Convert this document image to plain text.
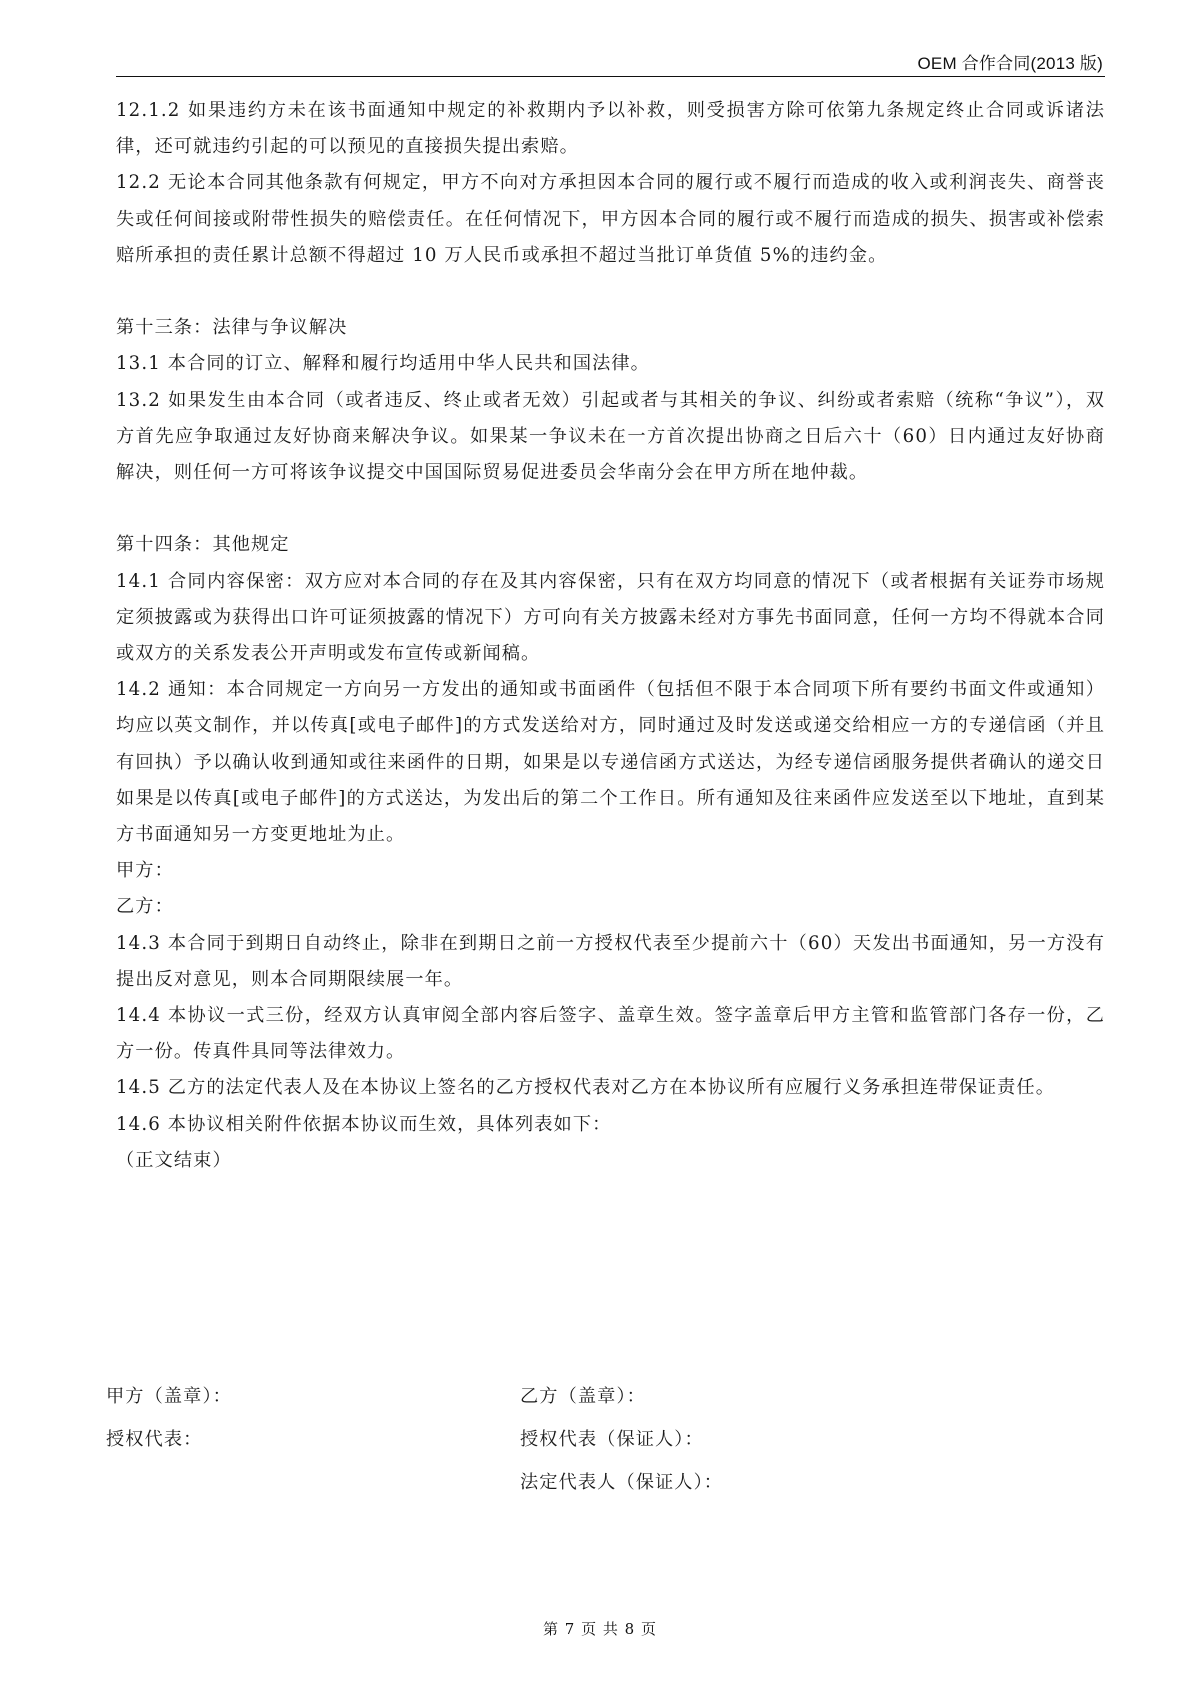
OEM 合作合同(2013 版)

12.1.2 如果违约方未在该书面通知中规定的补救期内予以补救，则受损害方除可依第九条规定终止合同或诉诸法律，还可就违约引起的可以预见的直接损失提出索赔。

12.2 无论本合同其他条款有何规定，甲方不向对方承担因本合同的履行或不履行而造成的收入或利润丧失、商誉丧失或任何间接或附带性损失的赔偿责任。在任何情况下，甲方因本合同的履行或不履行而造成的损失、损害或补偿索赔所承担的责任累计总额不得超过 10 万人民币或承担不超过当批订单货值 5%的违约金。

第十三条：法律与争议解决

13.1 本合同的订立、解释和履行均适用中华人民共和国法律。

13.2 如果发生由本合同（或者违反、终止或者无效）引起或者与其相关的争议、纠纷或者索赔（统称“争议”），双方首先应争取通过友好协商来解决争议。如果某一争议未在一方首次提出协商之日后六十（60）日内通过友好协商解决，则任何一方可将该争议提交中国国际贸易促进委员会华南分会在甲方所在地仲裁。

第十四条：其他规定

14.1 合同内容保密：双方应对本合同的存在及其内容保密，只有在双方均同意的情况下（或者根据有关证券市场规定须披露或为获得出口许可证须披露的情况下）方可向有关方披露未经对方事先书面同意，任何一方均不得就本合同或双方的关系发表公开声明或发布宣传或新闻稿。

14.2 通知：本合同规定一方向另一方发出的通知或书面函件（包括但不限于本合同项下所有要约书面文件或通知）均应以英文制作，并以传真[或电子邮件]的方式发送给对方，同时通过及时发送或递交给相应一方的专递信函（并且有回执）予以确认收到通知或往来函件的日期，如果是以专递信函方式送达，为经专递信函服务提供者确认的递交日如果是以传真[或电子邮件]的方式送达，为发出后的第二个工作日。所有通知及往来函件应发送至以下地址，直到某方书面通知另一方变更地址为止。

甲方：

乙方：

14.3 本合同于到期日自动终止，除非在到期日之前一方授权代表至少提前六十（60）天发出书面通知，另一方没有提出反对意见，则本合同期限续展一年。

14.4 本协议一式三份，经双方认真审阅全部内容后签字、盖章生效。签字盖章后甲方主管和监管部门各存一份，乙方一份。传真件具同等法律效力。

14.5 乙方的法定代表人及在本协议上签名的乙方授权代表对乙方在本协议所有应履行义务承担连带保证责任。

14.6 本协议相关附件依据本协议而生效，具体列表如下：

（正文结束）

甲方（盖章）：
授权代表：
乙方（盖章）：
授权代表（保证人）：
法定代表人（保证人）：
第 7 页 共 8 页
